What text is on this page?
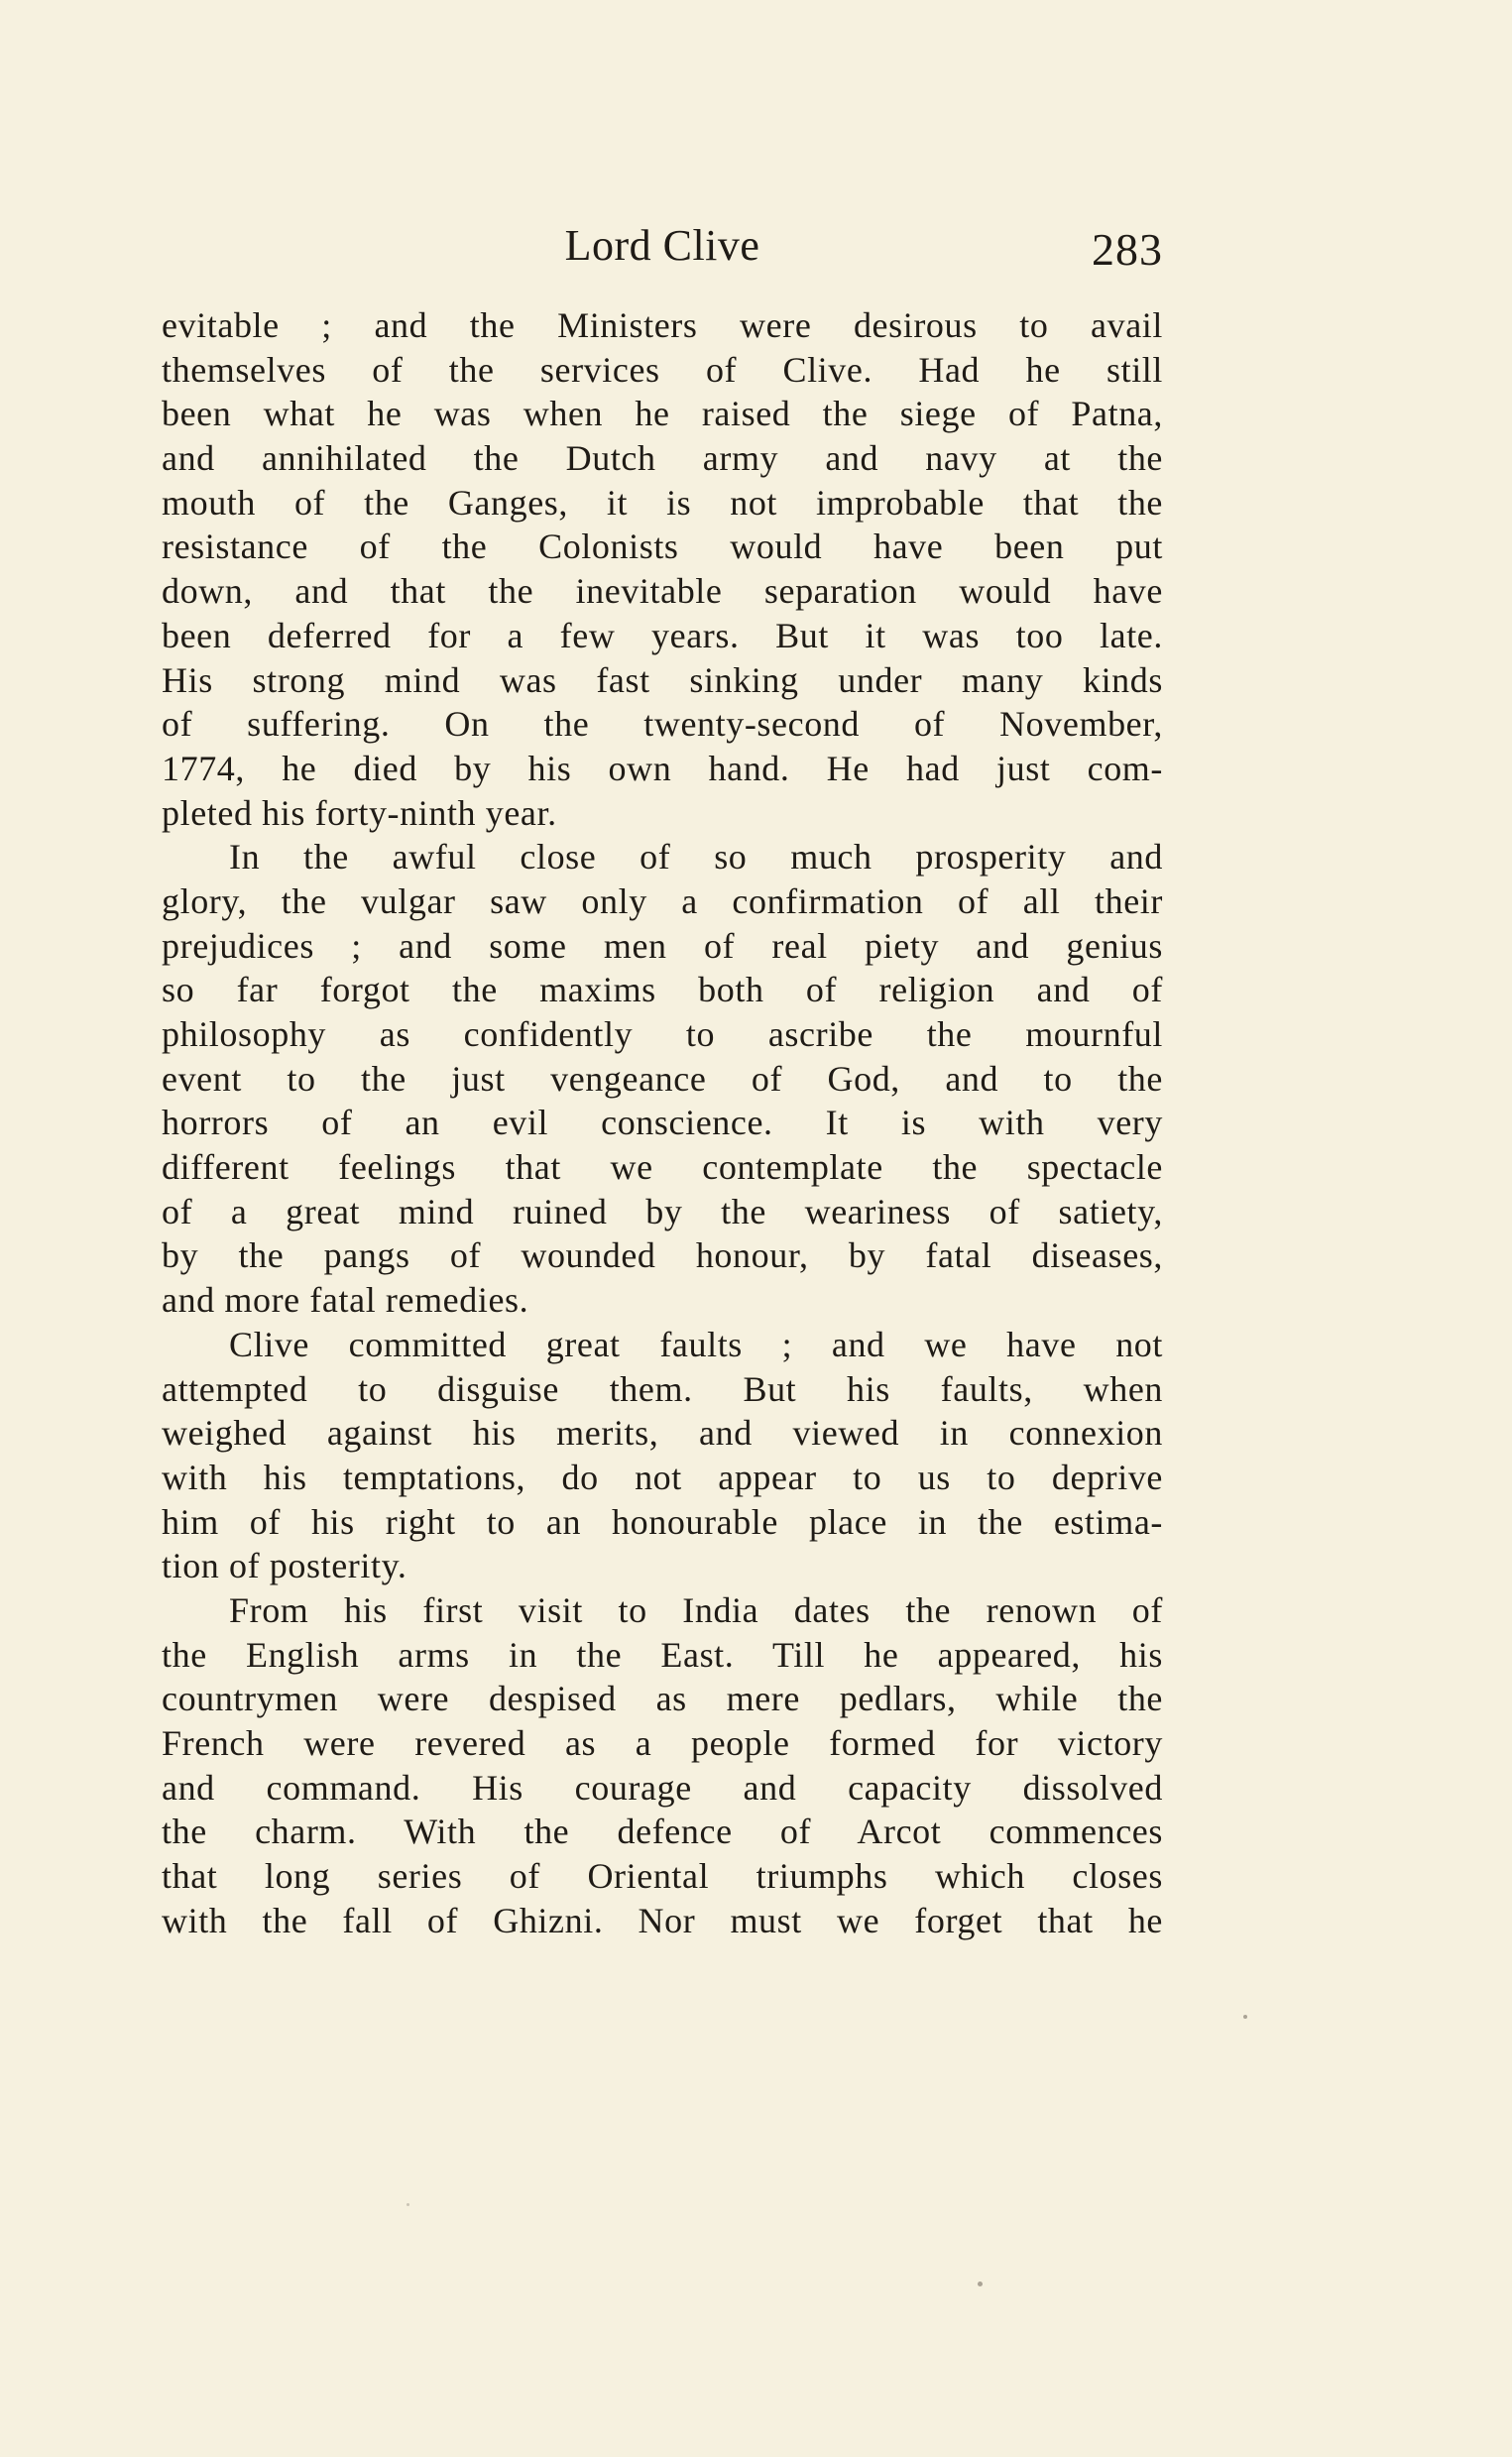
Lord Clive	283
evitable ; and the Ministers were desirous to avail
themselves of the services of Clive. Had he still
been what he was when he raised the siege of Patna,
and annihilated the Dutch army and navy at the
mouth of the Ganges, it is not improbable that the
resistance of the Colonists would have been put
down, and that the inevitable separation would have
been deferred for a few years. But it was too late.
His strong mind was fast sinking under many kinds
of suffering. On the twenty-second of November,
1774, he died by his own hand. He had just com-
pleted his forty-ninth year.
In the awful close of so much prosperity and
glory, the vulgar saw only a confirmation of all their
prejudices ; and some men of real piety and genius
so far forgot the maxims both of religion and of
philosophy as confidently to ascribe the mournful
event to the just vengeance of God, and to the
horrors of an evil conscience. It is with very
different feelings that we contemplate the spectacle
of a great mind ruined by the weariness of satiety,
by the pangs of wounded honour, by fatal diseases,
and more fatal remedies.
Clive committed great faults ; and we have not
attempted to disguise them. But his faults, when
weighed against his merits, and viewed in connexion
with his temptations, do not appear to us to deprive
him of his right to an honourable place in the estima-
tion of posterity.
From his first visit to India dates the renown of
the English arms in the East. Till he appeared, his
countrymen were despised as mere pedlars, while the
French were revered as a people formed for victory
and command. His courage and capacity dissolved
the charm. With the defence of Arcot commences
that long series of Oriental triumphs which closes
with the fall of Ghizni. Nor must we forget that he
